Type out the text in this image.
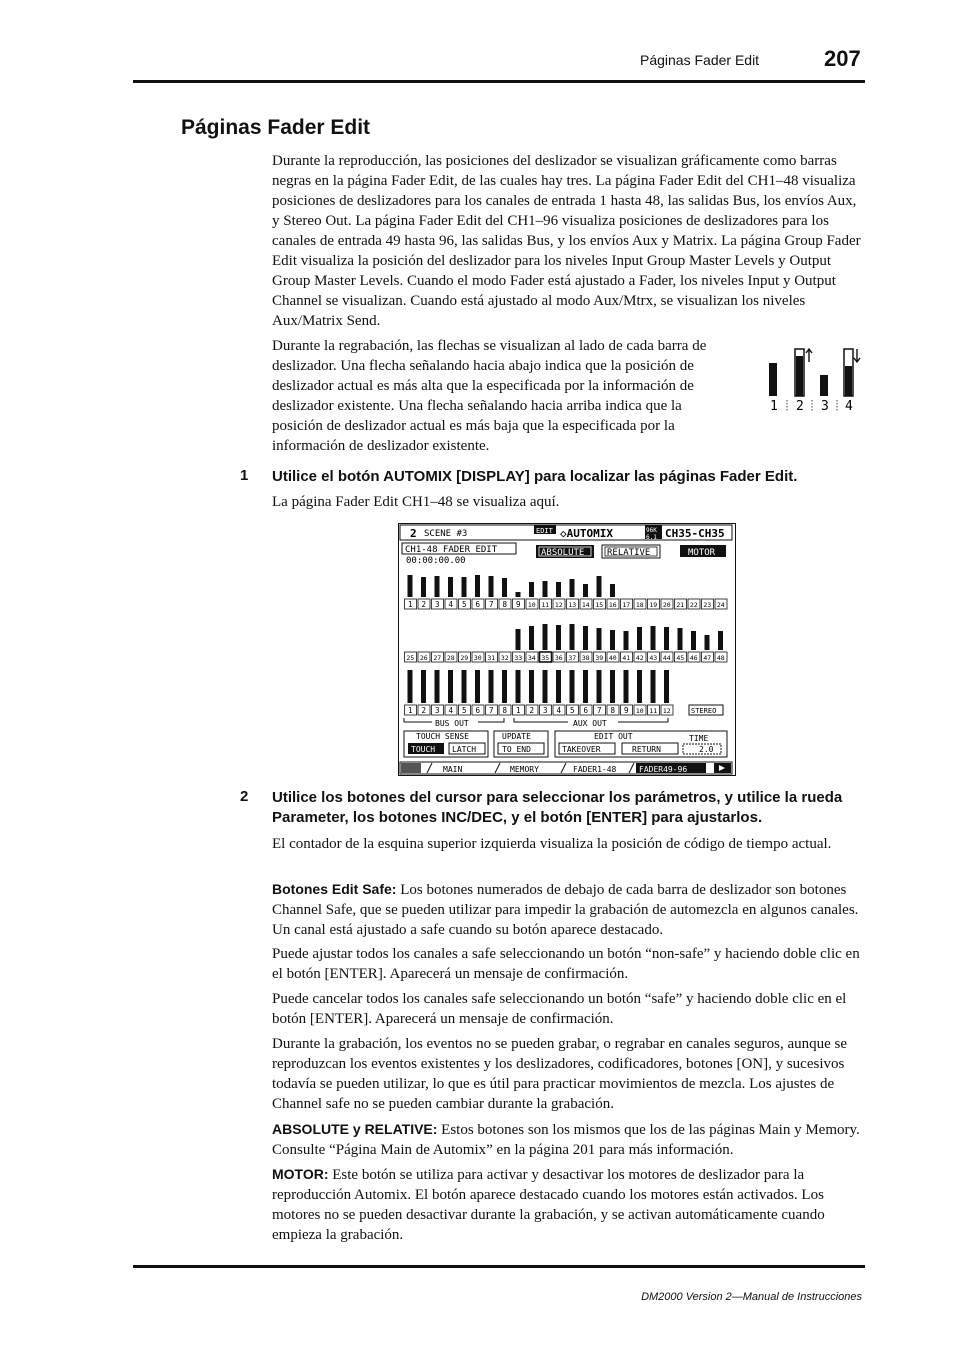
Páginas Fader Edit	207
Páginas Fader Edit

Durante la reproducción, las posiciones del deslizador se visualizan gráficamente como barras negras en la página Fader Edit, de las cuales hay tres. La página Fader Edit del CH1–48 visualiza posiciones de deslizadores para los canales de entrada 1 hasta 48, las salidas Bus, los envíos Aux, y Stereo Out. La página Fader Edit del CH1–96 visualiza posiciones de deslizadores para los canales de entrada 49 hasta 96, las salidas Bus, y los envíos Aux y Matrix. La página Group Fader Edit visualiza la posición del deslizador para los niveles Input Group Master Levels y Output Group Master Levels. Cuando el modo Fader está ajustado a Fader, los niveles Input y Output Channel se visualizan. Cuando está ajustado al modo Aux/Mtrx, se visualizan los niveles Aux/Matrix Send.

Durante la regrabación, las flechas se visualizan al lado de cada barra de deslizador. Una flecha señalando hacia abajo indica que la posición de deslizador actual es más alta que la especificada por la información de deslizador existente. Una flecha señalando hacia arriba indica que la posición de deslizador actual es más baja que la especificada por la información de deslizador existente.

1 2 3 4
1 Utilice el botón AUTOMIX [DISPLAY] para localizar las páginas Fader Edit.

La página Fader Edit CH1–48 se visualiza aquí.

2 SCENE #3	EDIT ◇AUTOMIX	96K
6.1 CH35-CH35
CH1-48 FADER EDIT
00:00:00.00
ABSOLUTE	RELATIVE	MOTOR
1 2 3 4 5 6 7 8 9 10 11 12 13 14 15 16 17 18 19 20 21 22 23 24
25 26 27 28 29 30 31 32 33 34 35 36 37 38 39 40 41 42 43 44 45 46 47 48
1 2 3 4 5 6 7 8 1 2 3 4 5 6 7 8 9 10 11 12
BUS OUT	AUX OUT
STEREO
TOUCH SENSE
TOUCH LATCH
UPDATE
TO END
EDIT OUT
TAKEOVER	RETURN
TIME
2.0
MAIN	MEMORY	FADER1-48	FADER49-96
2 Utilice los botones del cursor para seleccionar los parámetros, y utilice la rueda Parameter, los botones INC/DEC, y el botón [ENTER] para ajustarlos.

El contador de la esquina superior izquierda visualiza la posición de código de tiempo actual.

Botones Edit Safe: Los botones numerados de debajo de cada barra de deslizador son botones Channel Safe, que se pueden utilizar para impedir la grabación de automezcla en algunos canales. Un canal está ajustado a safe cuando su botón aparece destacado.

Puede ajustar todos los canales a safe seleccionando un botón “non-safe” y haciendo doble clic en el botón [ENTER]. Aparecerá un mensaje de confirmación.

Puede cancelar todos los canales safe seleccionando un botón “safe” y haciendo doble clic en el botón [ENTER]. Aparecerá un mensaje de confirmación.

Durante la grabación, los eventos no se pueden grabar, o regrabar en canales seguros, aunque se reproduzcan los eventos existentes y los deslizadores, codificadores, botones [ON], y sucesivos todavía se pueden utilizar, lo que es útil para practicar movimientos de mezcla. Los ajustes de Channel safe no se pueden cambiar durante la grabación.

ABSOLUTE y RELATIVE: Estos botones son los mismos que los de las páginas Main y Memory. Consulte “Página Main de Automix” en la página 201 para más información.

MOTOR: Este botón se utiliza para activar y desactivar los motores de deslizador para la reproducción Automix. El botón aparece destacado cuando los motores están activados. Los motores no se pueden desactivar durante la grabación, y se activan automáticamente cuando empieza la grabación.

DM2000 Version 2—Manual de Instrucciones
